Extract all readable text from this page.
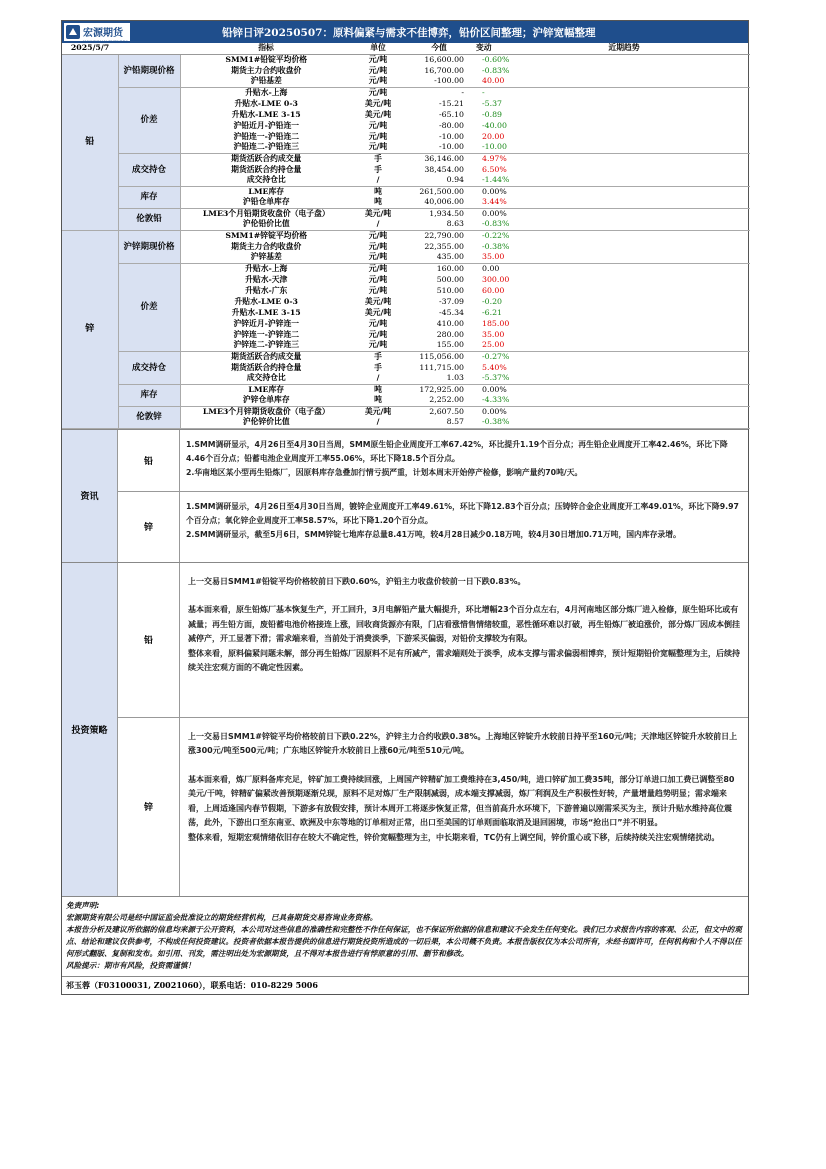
宏源期货
HONGYUAN FUTURES
铅锌日评20250507：原料偏紧与需求不佳博弈，铅价区间整理；沪锌宽幅整理
2025/5/7		指标	单位	今值	变动	近期趋势	
铅	沪铅期现价格	SMM1#铅锭平均价格	元/吨	16,600.00	-0.60%	

		期货主力合约收盘价	元/吨	16,700.00	-0.83%	

		沪铅基差	元/吨	-100.00	40.00	

	价差	升贴水-上海	元/吨	-	-	

		升贴水-LME 0-3	美元/吨	-15.21	-5.37	

		升贴水-LME 3-15	美元/吨	-65.10	-0.89	

		沪铅近月-沪铅连一	元/吨	-80.00	-40.00	

		沪铅连一-沪铅连二	元/吨	-10.00	20.00	

		沪铅连二-沪铅连三	元/吨	-10.00	-10.00	

	成交持仓	期货活跃合约成交量	手	36,146.00	4.97%	

		期货活跃合约持仓量	手	38,454.00	6.50%	

		成交持仓比	/	0.94	-1.44%	

	库存	LME库存	吨	261,500.00	0.00%	

		沪铅仓单库存	吨	40,006.00	3.44%	

	伦敦铅	LME3个月铅期货收盘价（电子盘）	美元/吨	1,934.50	0.00%	

		沪伦铅价比值	/	8.63	-0.83%	

锌	沪锌期现价格	SMM1#锌锭平均价格	元/吨	22,790.00	-0.22%	

		期货主力合约收盘价	元/吨	22,355.00	-0.38%	

		沪锌基差	元/吨	435.00	35.00	

	价差	升贴水-上海	元/吨	160.00	0.00	

		升贴水-天津	元/吨	500.00	300.00	

		升贴水-广东	元/吨	510.00	60.00	

		升贴水-LME 0-3	美元/吨	-37.09	-0.20	

		升贴水-LME 3-15	美元/吨	-45.34	-6.21	

		沪锌近月-沪锌连一	元/吨	410.00	185.00	

		沪锌连一-沪锌连二	元/吨	280.00	35.00	

		沪锌连二-沪锌连三	元/吨	155.00	25.00	

	成交持仓	期货活跃合约成交量	手	115,056.00	-0.27%	

		期货活跃合约持仓量	手	111,715.00	5.40%	

		成交持仓比	/	1.03	-5.37%	

	库存	LME库存	吨	172,925.00	0.00%	

		沪锌仓单库存	吨	2,252.00	-4.33%	

	伦敦锌	LME3个月锌期货收盘价（电子盘）	美元/吨	2,607.50	0.00%	

		沪伦锌价比值	/	8.57	-0.38%	
资讯
铅
1.SMM调研显示，4月26日至4月30日当周，SMM原生铅企业周度开工率67.42%，环比提升1.19个百分点；再生铅企业周度开工率42.46%，环比下降4.46个百分点；铅蓄电池企业周度开工率55.06%，环比下降18.5个百分点。
2.华南地区某小型再生铅炼厂，因原料库存急叠加行情亏损严重，计划本周末开始停产检修，影响产量约70吨/天。
锌
1.SMM调研显示，4月26日至4月30日当周，镀锌企业周度开工率49.61%，环比下降12.83个百分点；压铸锌合金企业周度开工率49.01%，环比下降9.97个百分点；氧化锌企业周度开工率58.57%，环比下降1.20个百分点。
2.SMM调研显示，截至5月6日，SMM锌锭七地库存总量8.41万吨，较4月28日减少0.18万吨，较4月30日增加0.71万吨，国内库存录增。
投资策略
铅

上一交易日SMM1#铅锭平均价格较前日下跌0.60%，沪铅主力收盘价较前一日下跌0.83%。

基本面来看，原生铅炼厂基本恢复生产，开工回升，3月电解铅产量大幅提升，环比增幅23个百分点左右，4月河南地区部分炼厂进入检修，原生铅环比或有减量；再生铅方面，废铅蓄电池价格接连上涨，回收商货源亦有限，门店看涨惜售情绪较重，恶性循环难以打破，再生铅炼厂被迫涨价，部分炼厂因成本倒挂减停产，开工显著下滑；需求端来看，当前处于消费淡季，下游采买偏弱，对铅价支撑较为有限。

整体来看，原料偏紧问题未解，部分再生铅炼厂因原料不足有所减产，需求端则处于淡季，成本支撑与需求偏弱相博弈，预计短期铅价宽幅整理为主，后续持续关注宏观方面的不确定性因素。

锌

上一交易日SMM1#锌锭平均价格较前日下跌0.22%，沪锌主力合约收跌0.38%。上海地区锌锭升水较前日持平至160元/吨；天津地区锌锭升水较前日上涨300元/吨至500元/吨；广东地区锌锭升水较前日上涨60元/吨至510元/吨。

基本面来看，炼厂原料备库充足，锌矿加工费持续回涨，上周国产锌精矿加工费维持在3,450/吨，进口锌矿加工费35吨，部分订单进口加工费已调整至80美元/干吨，锌精矿偏紧改善预期逐渐兑现，原料不足对炼厂生产限制减弱，成本端支撑减弱，炼厂利润及生产积极性好转，产量增量趋势明显；需求端来看，上周适逢国内春节假期，下游多有放假安排，预计本周开工将逐步恢复正常，但当前高升水环境下，下游普遍以刚需采买为主，预计升贴水维持高位震荡，此外，下游出口至东南亚、欧洲及中东等地的订单相对正常，出口至美国的订单则面临取消及退回困境，市场“抢出口”并不明显。

整体来看，短期宏观情绪依旧存在较大不确定性，锌价宽幅整理为主，中长期来看，TC仍有上调空间，锌价重心或下移，后续持续关注宏观情绪扰动。

免责声明:
宏源期货有限公司是经中国证监会批准设立的期货经营机构，已具备期货交易咨询业务资格。
本报告分析及建议所依据的信息均来源于公开资料，本公司对这些信息的准确性和完整性不作任何保证，也不保证所依据的信息和建议不会发生任何变化。我们已力求报告内容的客观、公正，但文中的观点、结论和建议仅供参考，不构成任何投资建议。投资者依据本报告提供的信息进行期货投资所造成的一切后果，本公司概不负责。本报告版权仅为本公司所有，未经书面许可，任何机构和个人不得以任何形式翻版、复制和发布。如引用、刊发，需注明出处为宏源期货，且不得对本报告进行有悖原意的引用、删节和修改。
风险提示：期市有风险，投资需谨慎！
祁玉蓉（F03100031, Z0021060），联系电话：010-8229 5006
